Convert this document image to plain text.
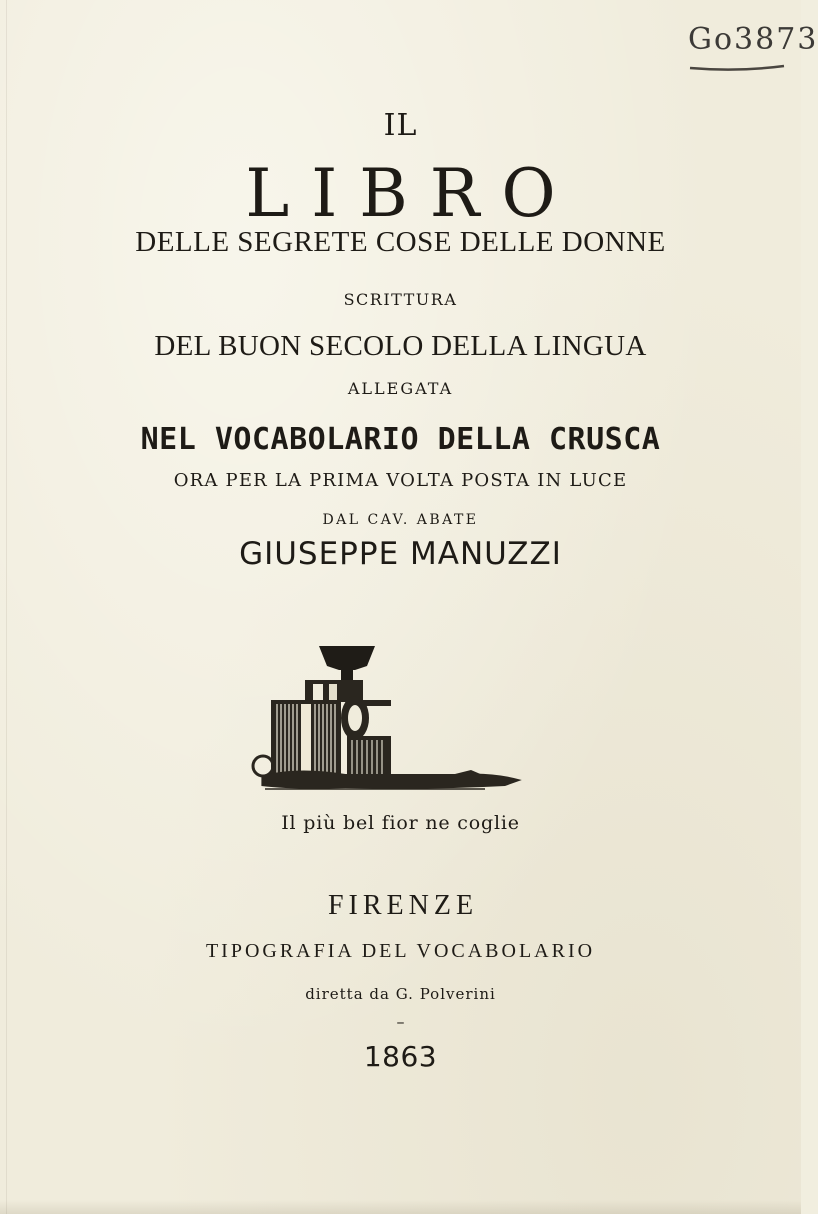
Go3873
IL
LIBRO
DELLE SEGRETE COSE DELLE DONNE
SCRITTURA
DEL BUON SECOLO DELLA LINGUA
ALLEGATA
NEL VOCABOLARIO DELLA CRUSCA
ORA PER LA PRIMA VOLTA POSTA IN LUCE
DAL CAV. ABATE
GIUSEPPE MANUZZI
Il più bel fior ne coglie
FIRENZE
TIPOGRAFIA DEL VOCABOLARIO
diretta da G. Polverini
–
1863
